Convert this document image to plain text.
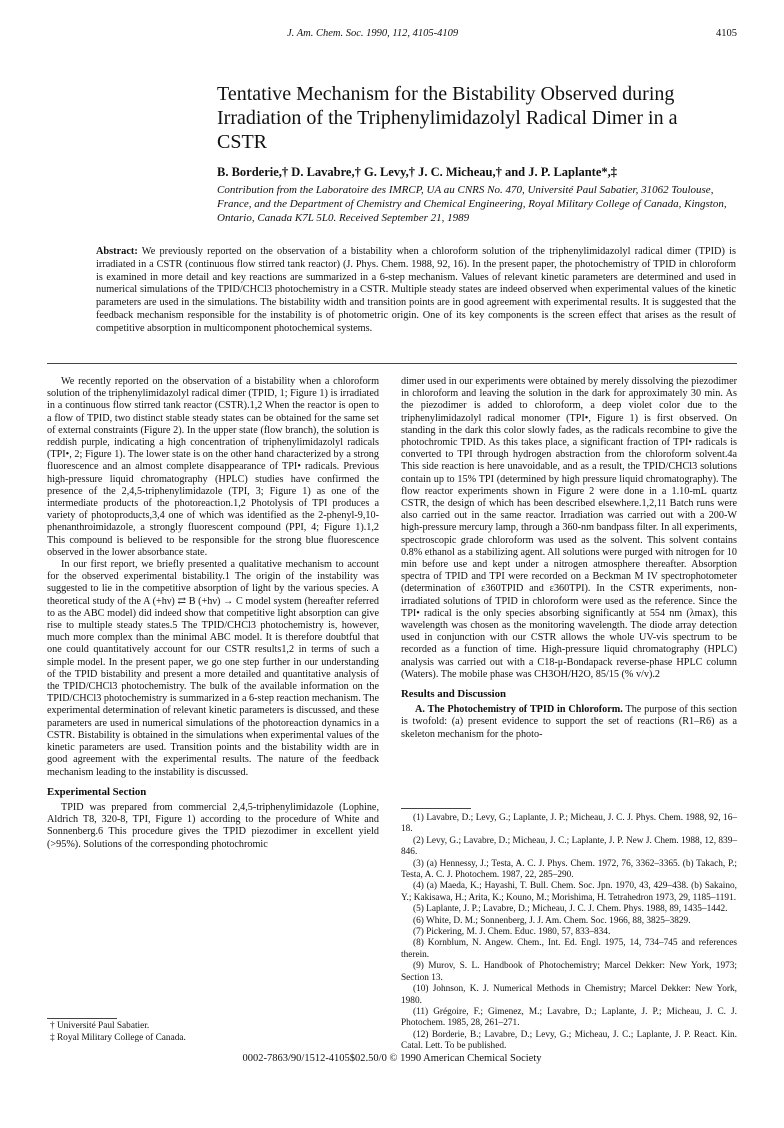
J. Am. Chem. Soc. 1990, 112, 4105-4109	4105
Tentative Mechanism for the Bistability Observed during Irradiation of the Triphenylimidazolyl Radical Dimer in a CSTR
B. Borderie,† D. Lavabre,† G. Levy,† J. C. Micheau,† and J. P. Laplante*,‡
Contribution from the Laboratoire des IMRCP, UA au CNRS No. 470, Université Paul Sabatier, 31062 Toulouse, France, and the Department of Chemistry and Chemical Engineering, Royal Military College of Canada, Kingston, Ontario, Canada K7L 5L0. Received September 21, 1989
Abstract: We previously reported on the observation of a bistability when a chloroform solution of the triphenylimidazolyl radical dimer (TPID) is irradiated in a CSTR (continuous flow stirred tank reactor) (J. Phys. Chem. 1988, 92, 16). In the present paper, the photochemistry of TPID in chloroform is examined in more detail and key reactions are summarized in a 6-step mechanism. Values of relevant kinetic parameters are determined and used in numerical simulations of the TPID/CHCl3 photochemistry in a CSTR. Multiple steady states are indeed observed when experimental values of the kinetic parameters are used in the simulations. The bistability width and transition points are in good agreement with experimental results. It is suggested that the feedback mechanism responsible for the instability is of photometric origin. One of its key components is the screen effect that arises as the result of competitive absorption in multicomponent photochemical systems.

We recently reported on the observation of a bistability when a chloroform solution of the triphenylimidazolyl radical dimer (TPID, 1; Figure 1) is irradiated in a continuous flow stirred tank reactor (CSTR).1,2 When the reactor is open to a flow of TPID, two distinct stable steady states can be obtained for the same set of external constraints (Figure 2). In the upper state (flow branch), the solution is reddish purple, indicating a high concentration of triphenylimidazolyl radicals (TPI•, 2; Figure 1). The lower state is on the other hand characterized by a strong fluorescence and an almost complete disappearance of TPI• radicals. Previous high-pressure liquid chromatography (HPLC) studies have confirmed the presence of the 2,4,5-triphenylimidazole (TPI, 3; Figure 1) as one of the intermediate products of the photoreaction.1,2 Photolysis of TPI produces a variety of photoproducts,3,4 one of which was identified as the 2-phenyl-9,10-phenanthroimidazole, a strongly fluorescent compound (PPI, 4; Figure 1).1,2 This compound is believed to be responsible for the strong blue fluorescence observed in the lower absorbance state.

In our first report, we briefly presented a qualitative mechanism to account for the observed experimental bistability.1 The origin of the instability was suggested to lie in the competitive absorption of light by the various species. A theoretical study of the A (+hν) ⇄ B (+hν) → C model system (hereafter referred to as the ABC model) did indeed show that competitive light absorption can give rise to multiple steady states.5 The TPID/CHCl3 photochemistry is, however, much more complex than the minimal ABC model. It is therefore doubtful that one could quantitatively account for our CSTR results1,2 in terms of such a simple model. In the present paper, we go one step further in our understanding of the TPID bistability and present a more detailed and quantitative analysis of the TPID/CHCl3 photochemistry. The bulk of the available information on the TPID/CHCl3 photochemistry is summarized in a 6-step reaction mechanism. The experimental determination of relevant kinetic parameters is discussed, and these parameters are used in numerical simulations of the photoreaction dynamics in a CSTR. Bistability is obtained in the simulations when experimental values of the kinetic parameters are used. Transition points and the bistability width are in good agreement with the experimental results. The nature of the feedback mechanism leading to the instability is discussed.

Experimental Section

TPID was prepared from commercial 2,4,5-triphenylimidazole (Lophine, Aldrich T8, 320-8, TPI, Figure 1) according to the procedure of White and Sonnenberg.6 This procedure gives the TPID piezodimer in excellent yield (>95%). Solutions of the corresponding photochromic

dimer used in our experiments were obtained by merely dissolving the piezodimer in chloroform and leaving the solution in the dark for approximately 30 min. As the piezodimer is added to chloroform, a deep violet color due to the triphenylimidazolyl radical monomer (TPI•, Figure 1) is first observed. On standing in the dark this color slowly fades, as the radicals recombine to give the photochromic TPID. As this takes place, a significant fraction of TPI• radicals is converted to TPI through hydrogen abstraction from the chloroform solvent.4a This side reaction is here unavoidable, and as a result, the TPID/CHCl3 solutions contain up to 15% TPI (determined by high pressure liquid chromatography). The flow reactor experiments shown in Figure 2 were done in a 1.10-mL quartz CSTR, the design of which has been described elsewhere.1,2,11 Batch runs were also carried out in the same reactor. Irradiation was carried out with a 200-W high-pressure mercury lamp, through a 360-nm bandpass filter. In all experiments, spectroscopic grade chloroform was used as the solvent. This solvent contains 0.8% ethanol as a stabilizing agent. All solutions were purged with nitrogen for 10 min before use and kept under a nitrogen atmosphere thereafter. Absorption spectra of TPID and TPI were recorded on a Beckman M IV spectrophotometer (determination of ε360TPID and ε360TPI). In the CSTR experiments, non-irradiated solutions of TPID in chloroform were used as the reference. Since the TPI• radical is the only species absorbing significantly at 554 nm (λmax), this wavelength was chosen as the monitoring wavelength. The diode array detection used in conjunction with our CSTR allows the whole UV-vis spectrum to be recorded as a function of time. High-pressure liquid chromatography (HPLC) analysis was carried out with a C18-μ-Bondapack reverse-phase HPLC column (Waters). The mobile phase was CH3OH/H2O, 85/15 (% v/v).2

Results and Discussion

A. The Photochemistry of TPID in Chloroform. The purpose of this section is twofold: (a) present evidence to support the set of reactions (R1–R6) as a skeleton mechanism for the photo-

(1) Lavabre, D.; Levy, G.; Laplante, J. P.; Micheau, J. C. J. Phys. Chem. 1988, 92, 16–18.
(2) Levy, G.; Lavabre, D.; Micheau, J. C.; Laplante, J. P. New J. Chem. 1988, 12, 839–846.
(3) (a) Hennessy, J.; Testa, A. C. J. Phys. Chem. 1972, 76, 3362–3365. (b) Takach, P.; Testa, A. C. J. Photochem. 1987, 22, 285–290.
(4) (a) Maeda, K.; Hayashi, T. Bull. Chem. Soc. Jpn. 1970, 43, 429–438. (b) Sakaino, Y.; Kakisawa, H.; Arita, K.; Kouno, M.; Morishima, H. Tetrahedron 1973, 29, 1185–1191.
(5) Laplante, J. P.; Lavabre, D.; Micheau, J. C. J. Chem. Phys. 1988, 89, 1435–1442.
(6) White, D. M.; Sonnenberg, J. J. Am. Chem. Soc. 1966, 88, 3825–3829.
(7) Pickering, M. J. Chem. Educ. 1980, 57, 833–834.
(8) Kornblum, N. Angew. Chem., Int. Ed. Engl. 1975, 14, 734–745 and references therein.
(9) Murov, S. L. Handbook of Photochemistry; Marcel Dekker: New York, 1973; Section 13.
(10) Johnson, K. J. Numerical Methods in Chemistry; Marcel Dekker: New York, 1980.
(11) Grégoire, F.; Gimenez, M.; Lavabre, D.; Laplante, J. P.; Micheau, J. C. J. Photochem. 1985, 28, 261–271.
(12) Borderie, B.; Lavabre, D.; Levy, G.; Micheau, J. C.; Laplante, J. P. React. Kin. Catal. Lett. To be published.
† Université Paul Sabatier.
‡ Royal Military College of Canada.
0002-7863/90/1512-4105$02.50/0 © 1990 American Chemical Society
